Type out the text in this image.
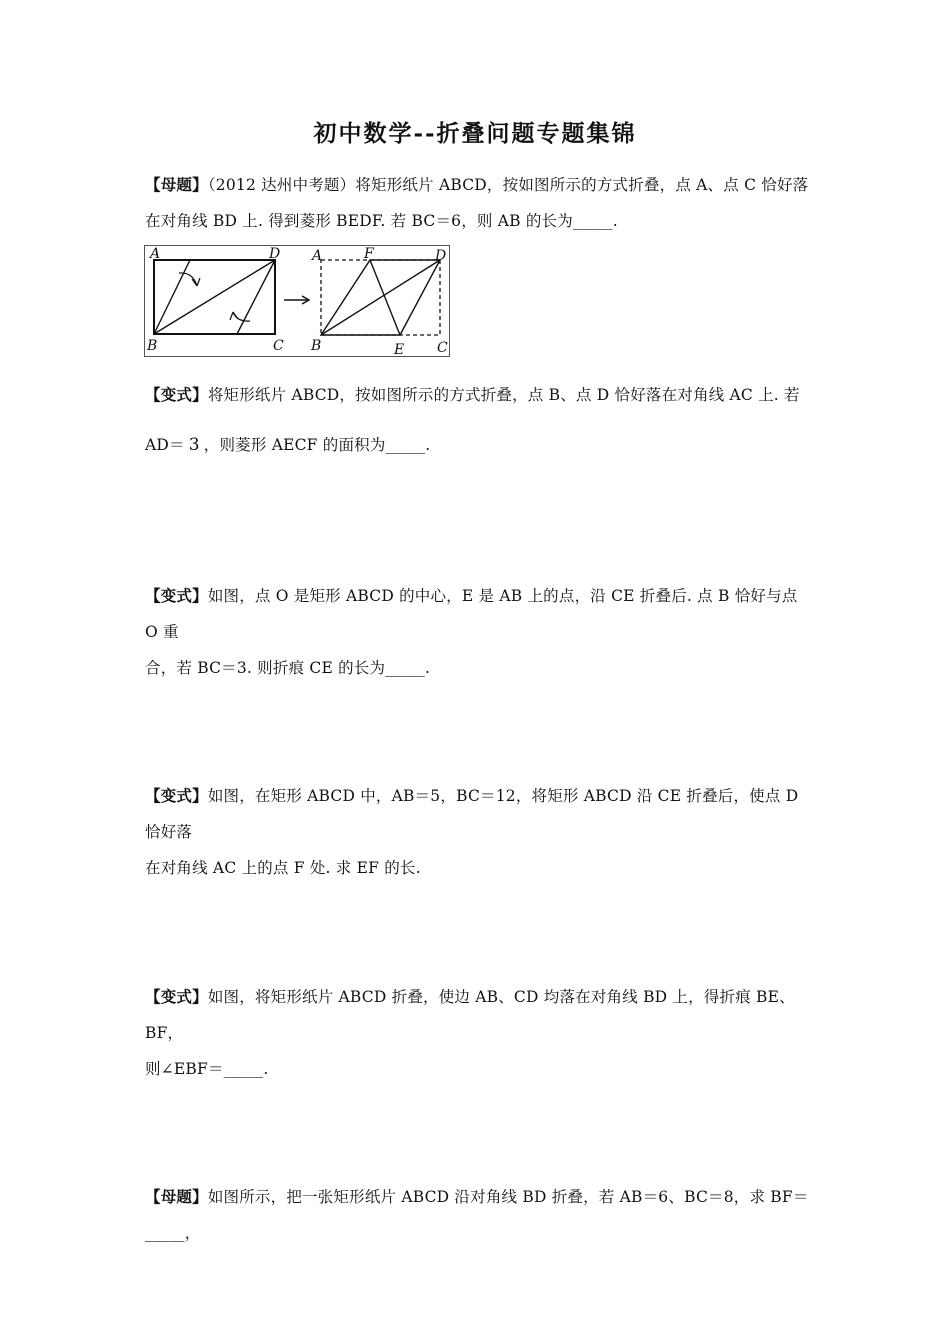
初中数学--折叠问题专题集锦
【母题】（2012 达州中考题）将矩形纸片 ABCD，按如图所示的方式折叠，点 A、点 C 恰好落
在对角线 BD 上. 得到菱形 BEDF. 若 BC＝6，则 AB 的长为_____.
A	D
B	C
A	F	D
B	E C
【变式】将矩形纸片 ABCD，按如图所示的方式折叠，点 B、点 D 恰好落在对角线 AC 上. 若
AD＝ 3 ，则菱形 AECF 的面积为_____.
【变式】如图，点 O 是矩形 ABCD 的中心，E 是 AB 上的点，沿 CE 折叠后. 点 B 恰好与点 O 重
合，若 BC＝3. 则折痕 CE 的长为_____.
【变式】如图，在矩形 ABCD 中，AB＝5，BC＝12，将矩形 ABCD 沿 CE 折叠后，使点 D 恰好落
在对角线 AC 上的点 F 处. 求 EF 的长.
【变式】如图，将矩形纸片 ABCD 折叠，使边 AB、CD 均落在对角线 BD 上，得折痕 BE、BF，
则∠EBF＝_____.
【母题】如图所示，把一张矩形纸片 ABCD 沿对角线 BD 折叠，若 AB＝6、BC＝8，求 BF＝_____，
